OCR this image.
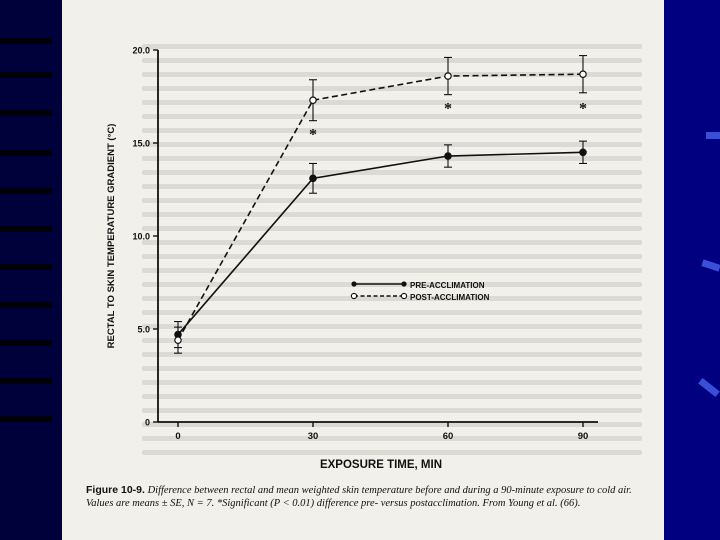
0
5.0
10.0
15.0
20.0
0	30	60	90
*
*	*
EXPOSURE TIME, MIN
RECTAL TO SKIN TEMPERATURE GRADIENT (°C)	PRE-ACCLIMATION
POST-ACCLIMATION
Figure 10-9. Difference between rectal and mean weighted skin temperature before and during a 90-minute exposure to cold air. Values are means ± SE, N = 7. *Significant (P < 0.01) difference pre- versus postacclimation. From Young et al. (66).
